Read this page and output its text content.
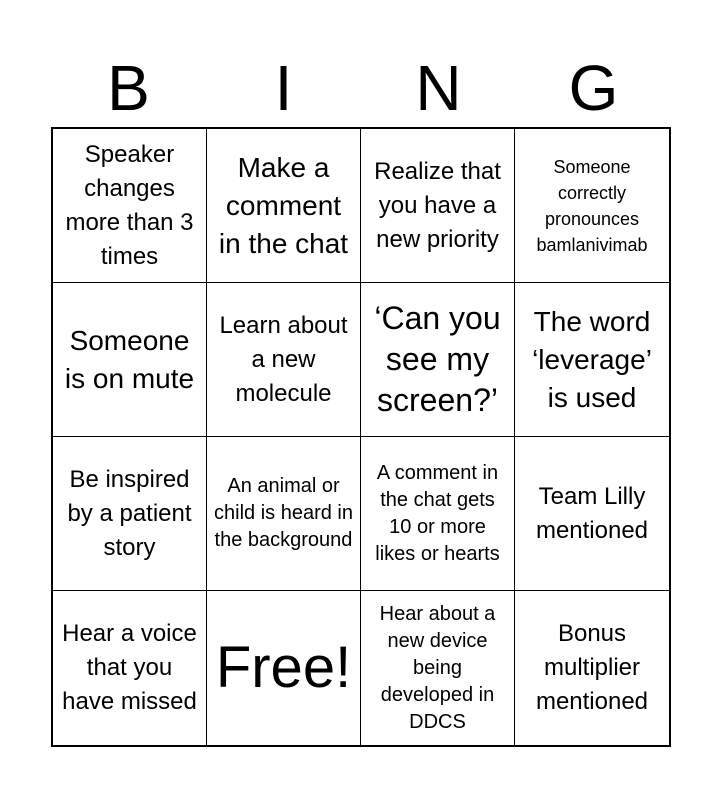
B	I	N	G
Speaker changes more than 3 times
Make a comment in the chat
Realize that you have a new priority
Someone correctly pronounces bamlanivimab
Someone is on mute
Learn about a new molecule
‘Can you see my screen?’
The word ‘leverage’ is used
Be inspired by a patient story
An animal or child is heard in the background
A comment in the chat gets 10 or more likes or hearts
Team Lilly mentioned
Hear a voice that you have missed
Free!
Hear about a new device being developed in DDCS
Bonus multiplier mentioned
